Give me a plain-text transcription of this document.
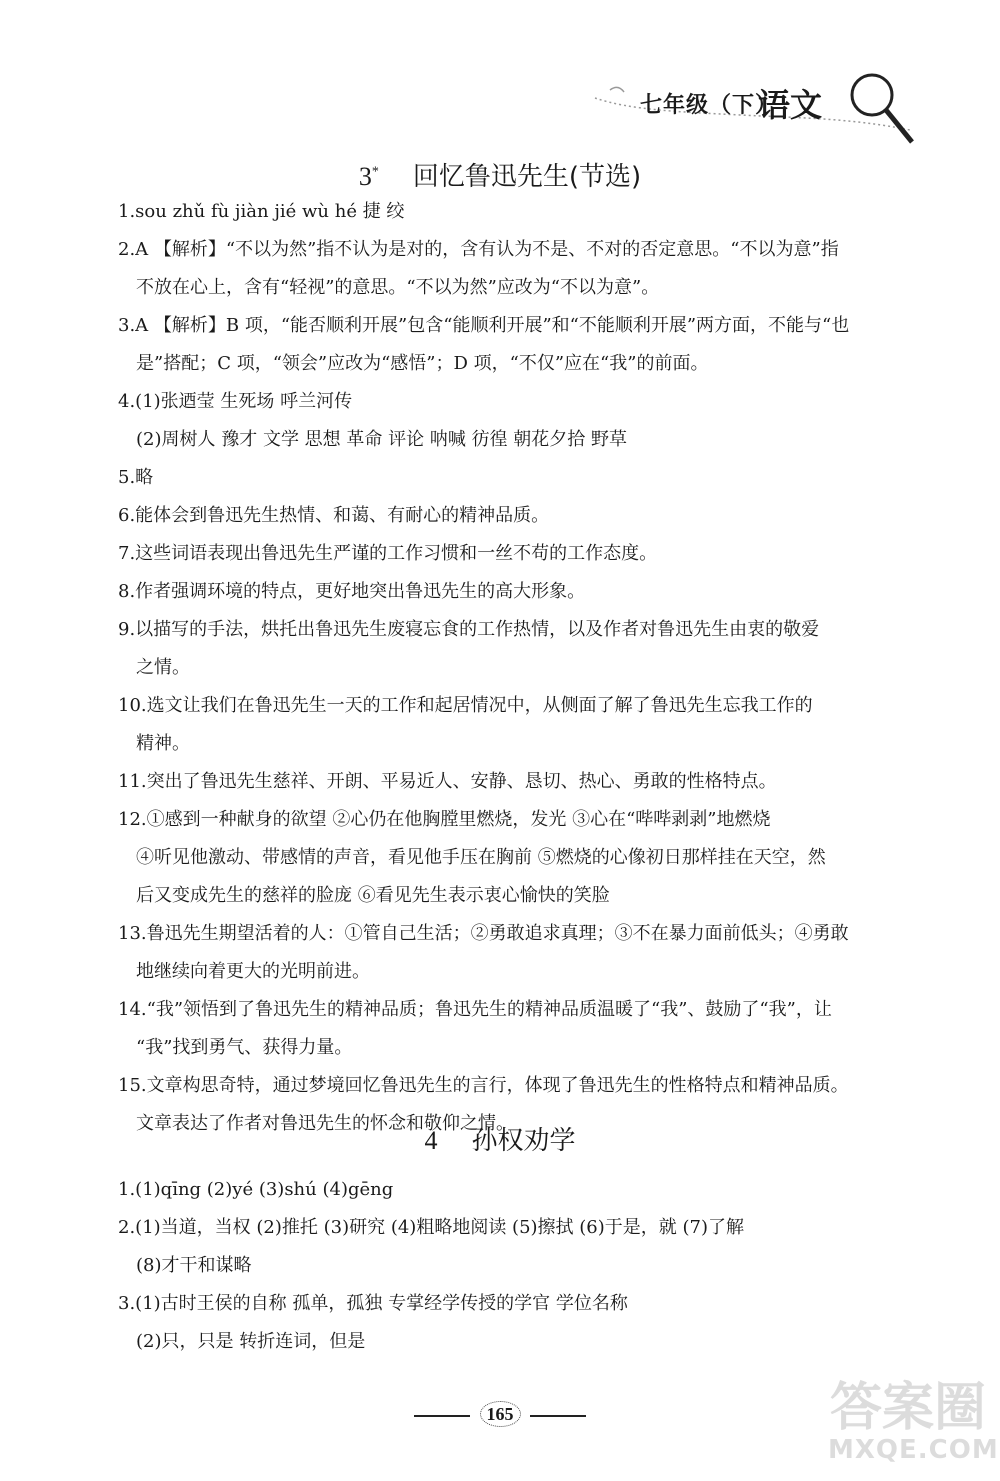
七年级（下）
语文
3* 回忆鲁迅先生(节选)
1.sou zhǔ fù jiàn jié wù hé 捷 绞
2.A 【解析】“不以为然”指不认为是对的，含有认为不是、不对的否定意思。“不以为意”指
不放在心上，含有“轻视”的意思。“不以为然”应改为“不以为意”。
3.A 【解析】B 项，“能否顺利开展”包含“能顺利开展”和“不能顺利开展”两方面，不能与“也
是”搭配；C 项，“领会”应改为“感悟”；D 项，“不仅”应在“我”的前面。
4.(1)张迺莹 生死场 呼兰河传
(2)周树人 豫才 文学 思想 革命 评论 呐喊 彷徨 朝花夕拾 野草
5.略
6.能体会到鲁迅先生热情、和蔼、有耐心的精神品质。
7.这些词语表现出鲁迅先生严谨的工作习惯和一丝不苟的工作态度。
8.作者强调环境的特点，更好地突出鲁迅先生的高大形象。
9.以描写的手法，烘托出鲁迅先生废寝忘食的工作热情，以及作者对鲁迅先生由衷的敬爱
之情。
10.选文让我们在鲁迅先生一天的工作和起居情况中，从侧面了解了鲁迅先生忘我工作的
精神。
11.突出了鲁迅先生慈祥、开朗、平易近人、安静、恳切、热心、勇敢的性格特点。
12.①感到一种献身的欲望 ②心仍在他胸膛里燃烧，发光 ③心在“哔哔剥剥”地燃烧
④听见他激动、带感情的声音，看见他手压在胸前 ⑤燃烧的心像初日那样挂在天空，然
后又变成先生的慈祥的脸庞 ⑥看见先生表示衷心愉快的笑脸
13.鲁迅先生期望活着的人：①管自己生活；②勇敢追求真理；③不在暴力面前低头；④勇敢
地继续向着更大的光明前进。
14.“我”领悟到了鲁迅先生的精神品质；鲁迅先生的精神品质温暖了“我”、鼓励了“我”，让
“我”找到勇气、获得力量。
15.文章构思奇特，通过梦境回忆鲁迅先生的言行，体现了鲁迅先生的性格特点和精神品质。
文章表达了作者对鲁迅先生的怀念和敬仰之情。
4 孙权劝学
1.(1)qīng (2)yé (3)shú (4)gēng
2.(1)当道，当权 (2)推托 (3)研究 (4)粗略地阅读 (5)擦拭 (6)于是，就 (7)了解
(8)才干和谋略
3.(1)古时王侯的自称 孤单，孤独 专掌经学传授的学官 学位名称
(2)只，只是 转折连词，但是
165	答案圈
MXQE.COM
